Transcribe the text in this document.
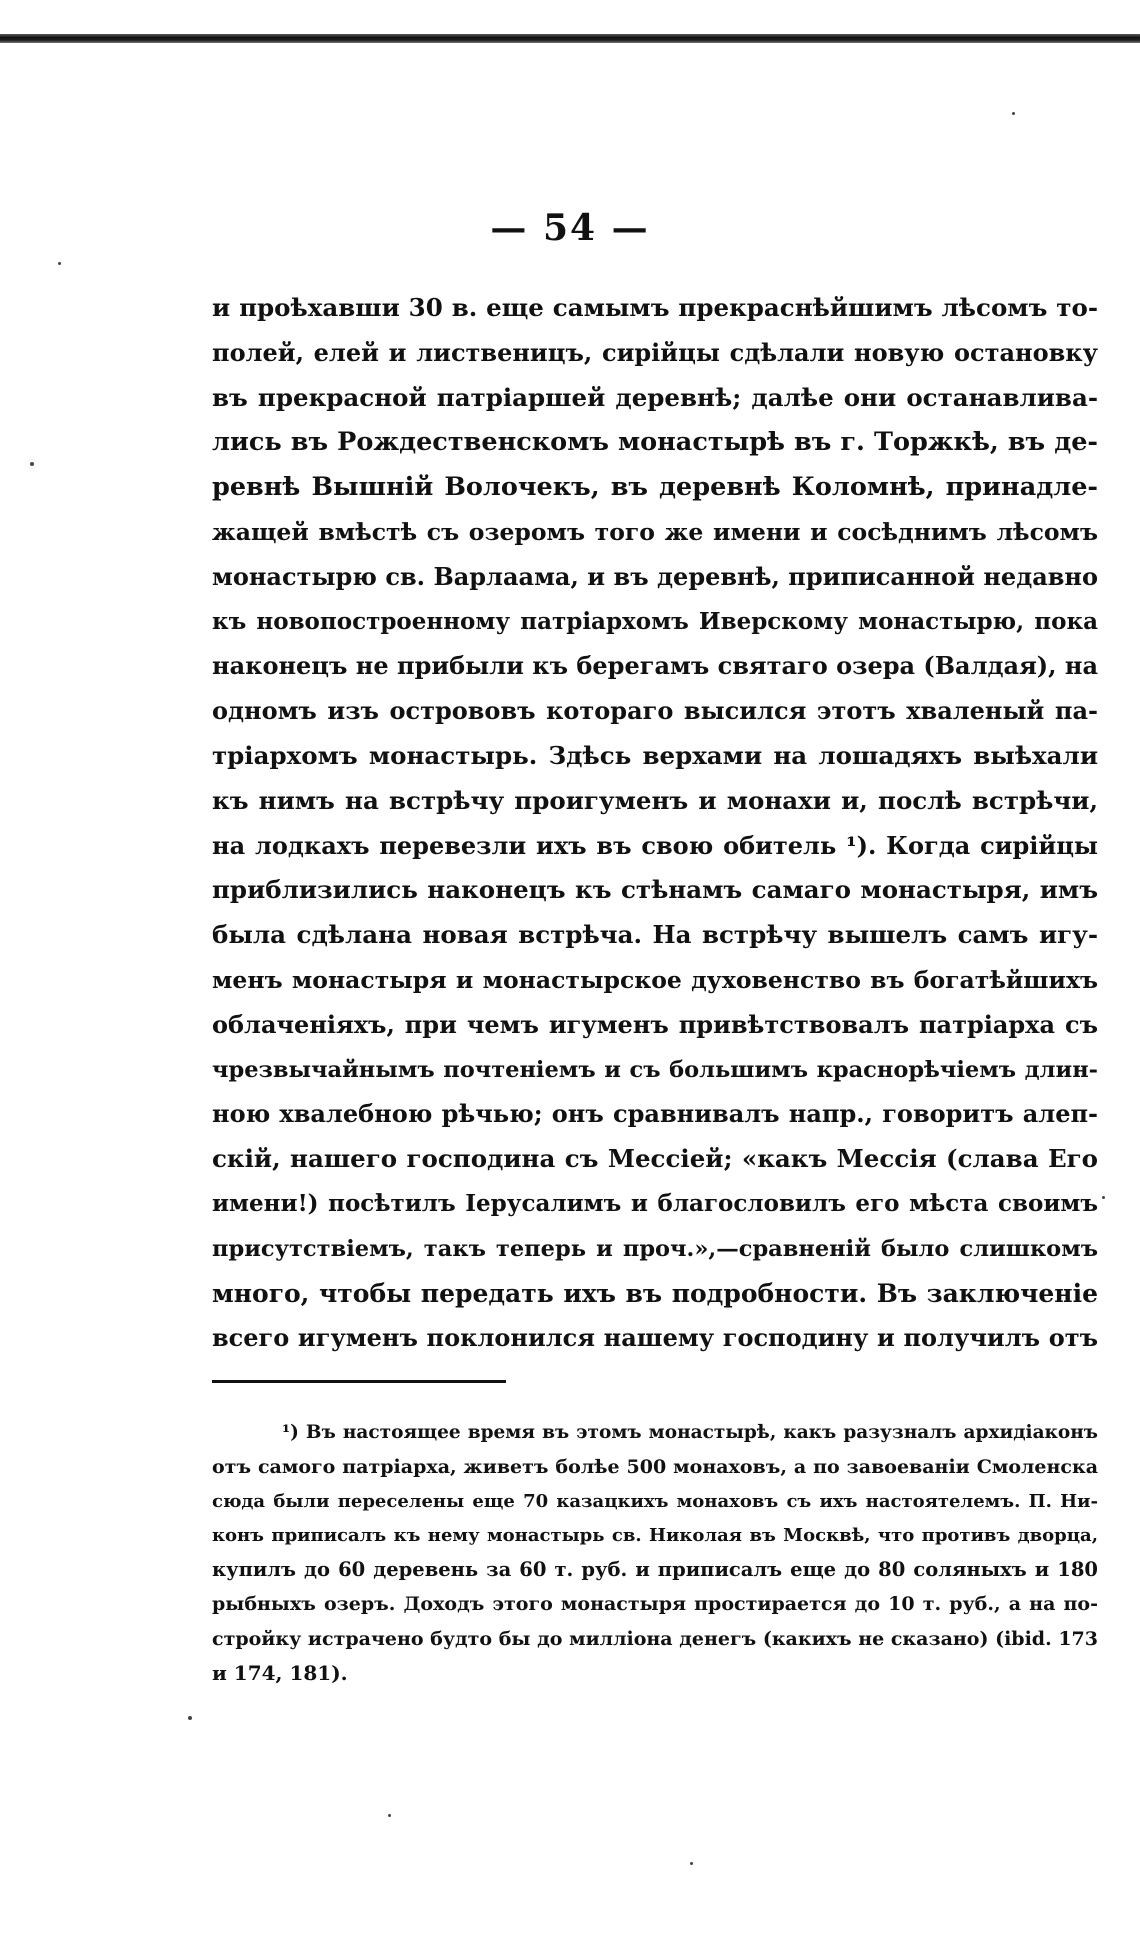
— 54 —
и проѣхавши 30 в. еще самымъ прекраснѣйшимъ лѣсомъ то-
полей, елей и лиственицъ, сирійцы сдѣлали новую остановку
въ прекрасной патріаршей деревнѣ; далѣе они останавлива-
лись въ Рождественскомъ монастырѣ въ г. Торжкѣ, въ де-
ревнѣ Вышній Волочекъ, въ деревнѣ Коломнѣ, принадле-
жащей вмѣстѣ съ озеромъ того же имени и сосѣднимъ лѣсомъ
монастырю св. Варлаама, и въ деревнѣ, приписанной недавно
къ новопостроенному патріархомъ Иверскому монастырю, пока
наконецъ не прибыли къ берегамъ святаго озера (Валдая), на
одномъ изъ острововъ котораго высился этотъ хваленый па-
тріархомъ монастырь. Здѣсь верхами на лошадяхъ выѣхали
къ нимъ на встрѣчу проигуменъ и монахи и, послѣ встрѣчи,
на лодкахъ перевезли ихъ въ свою обитель ¹). Когда сирійцы
приблизились наконецъ къ стѣнамъ самаго монастыря, имъ
была сдѣлана новая встрѣча. На встрѣчу вышелъ самъ игу-
менъ монастыря и монастырское духовенство въ богатѣйшихъ
облаченіяхъ, при чемъ игуменъ привѣтствовалъ патріарха съ
чрезвычайнымъ почтеніемъ и съ большимъ краснорѣчіемъ длин-
ною хвалебною рѣчью; онъ сравнивалъ напр., говоритъ алеп-
скій, нашего господина съ Мессіей; «какъ Мессія (слава Его
имени!) посѣтилъ Іерусалимъ и благословилъ его мѣста своимъ
присутствіемъ, такъ теперь и проч.»,—сравненій было слишкомъ
много, чтобы передать ихъ въ подробности. Въ заключеніе
всего игуменъ поклонился нашему господину и получилъ отъ
¹) Въ настоящее время въ этомъ монастырѣ, какъ разузналъ архидіаконъ
отъ самого патріарха, живетъ болѣе 500 монаховъ, а по завоеваніи Смоленска
сюда были переселены еще 70 казацкихъ монаховъ съ ихъ настоятелемъ. П. Ни-
конъ приписалъ къ нему монастырь св. Николая въ Москвѣ, что противъ дворца,
купилъ до 60 деревень за 60 т. руб. и приписалъ еще до 80 соляныхъ и 180
рыбныхъ озеръ. Доходъ этого монастыря простирается до 10 т. руб., а на по-
стройку истрачено будто бы до милліона денегъ (какихъ не сказано) (ibid. 173
и 174, 181).
